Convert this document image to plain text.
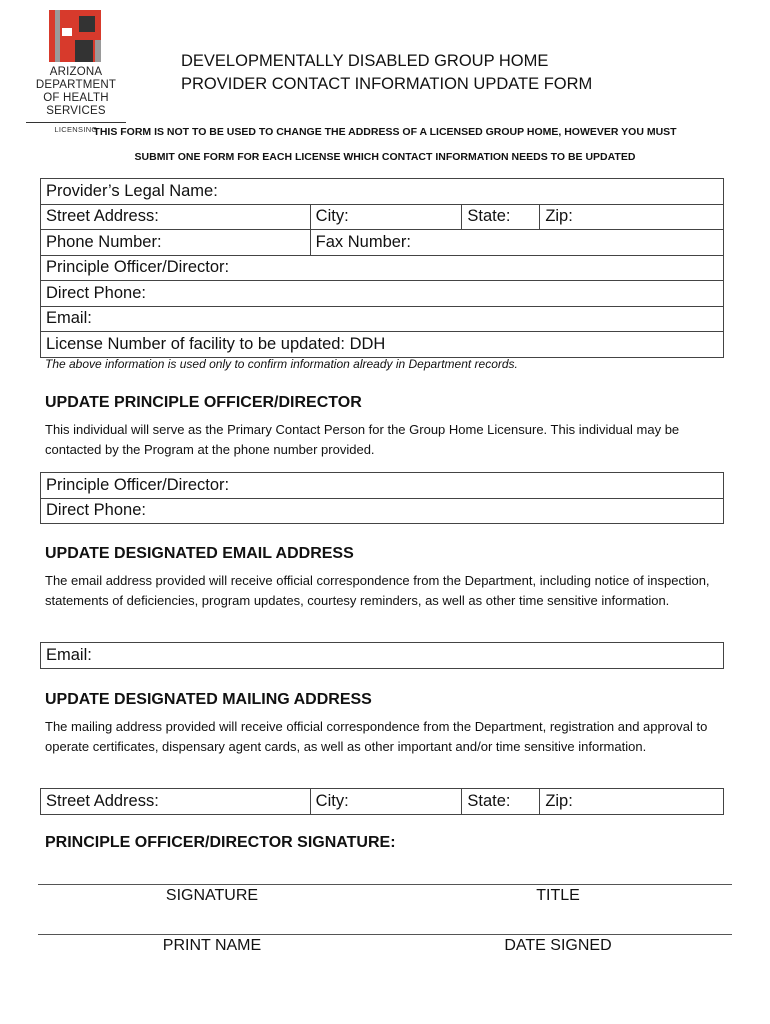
ARIZONA DEPARTMENT
OF HEALTH SERVICES
LICENSING
DEVELOPMENTALLY DISABLED GROUP HOME
PROVIDER CONTACT INFORMATION UPDATE FORM
THIS FORM IS NOT TO BE USED TO CHANGE THE ADDRESS OF A LICENSED GROUP HOME, HOWEVER YOU MUST
SUBMIT ONE FORM FOR EACH LICENSE WHICH CONTACT INFORMATION NEEDS TO BE UPDATED
Provider’s Legal Name:			
Street Address:	City:	State:	Zip:
Phone Number:	Fax Number:		
Principle Officer/Director:			
Direct Phone:			
Email:			
License Number of facility to be updated: DDH			
The above information is used only to confirm information already in Department records.
UPDATE PRINCIPLE OFFICER/DIRECTOR
This individual will serve as the Primary Contact Person for the Group Home Licensure. This individual may be contacted by the Program at the phone number provided.
Principle Officer/Director:
Direct Phone:
UPDATE DESIGNATED EMAIL ADDRESS
The email address provided will receive official correspondence from the Department, including notice of inspection, statements of deficiencies, program updates, courtesy reminders, as well as other time sensitive information.
Email:
UPDATE DESIGNATED MAILING ADDRESS
The mailing address provided will receive official correspondence from the Department, registration and approval to operate certificates, dispensary agent cards, as well as other important and/or time sensitive information.
Street Address:	City:	State:	Zip:
PRINCIPLE OFFICER/DIRECTOR SIGNATURE:
SIGNATURE	TITLE
PRINT NAME	DATE SIGNED
